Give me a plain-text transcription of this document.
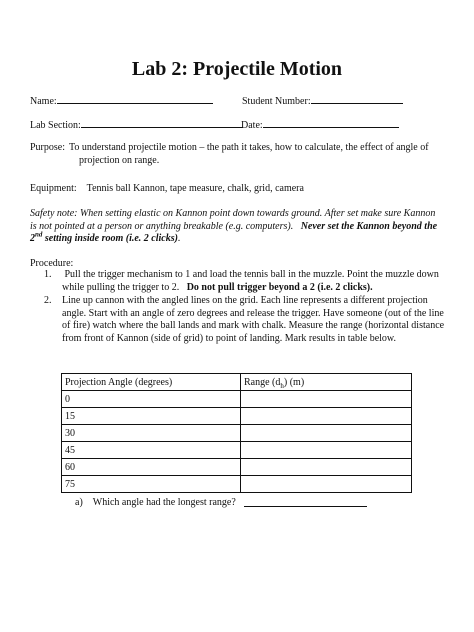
Lab 2: Projectile Motion
Name:	Student Number:
Lab Section:	Date:
Purpose: To understand projectile motion – the path it takes, how to calculate, the effect of angle of projection on range.
Equipment: Tennis ball Kannon, tape measure, chalk, grid, camera
Safety note: When setting elastic on Kannon point down towards ground. After set make sure Kannon is not pointed at a person or anything breakable (e.g. computers). Never set the Kannon beyond the 2nd setting inside room (i.e. 2 clicks).
Procedure:
1. Pull the trigger mechanism to 1 and load the tennis ball in the muzzle. Point the muzzle down while pulling the trigger to 2. Do not pull trigger beyond a 2 (i.e. 2 clicks).
2. Line up cannon with the angled lines on the grid. Each line represents a different projection angle. Start with an angle of zero degrees and release the trigger. Have someone (out of the line of fire) watch where the ball lands and mark with chalk. Measure the range (horizontal distance from front of Kannon (side of grid) to point of landing. Mark results in table below.
Projection Angle (degrees)	Range $(d_h)$ (m)
0	
15	
30	
45	
60	
75	
a) Which angle had the longest range?
